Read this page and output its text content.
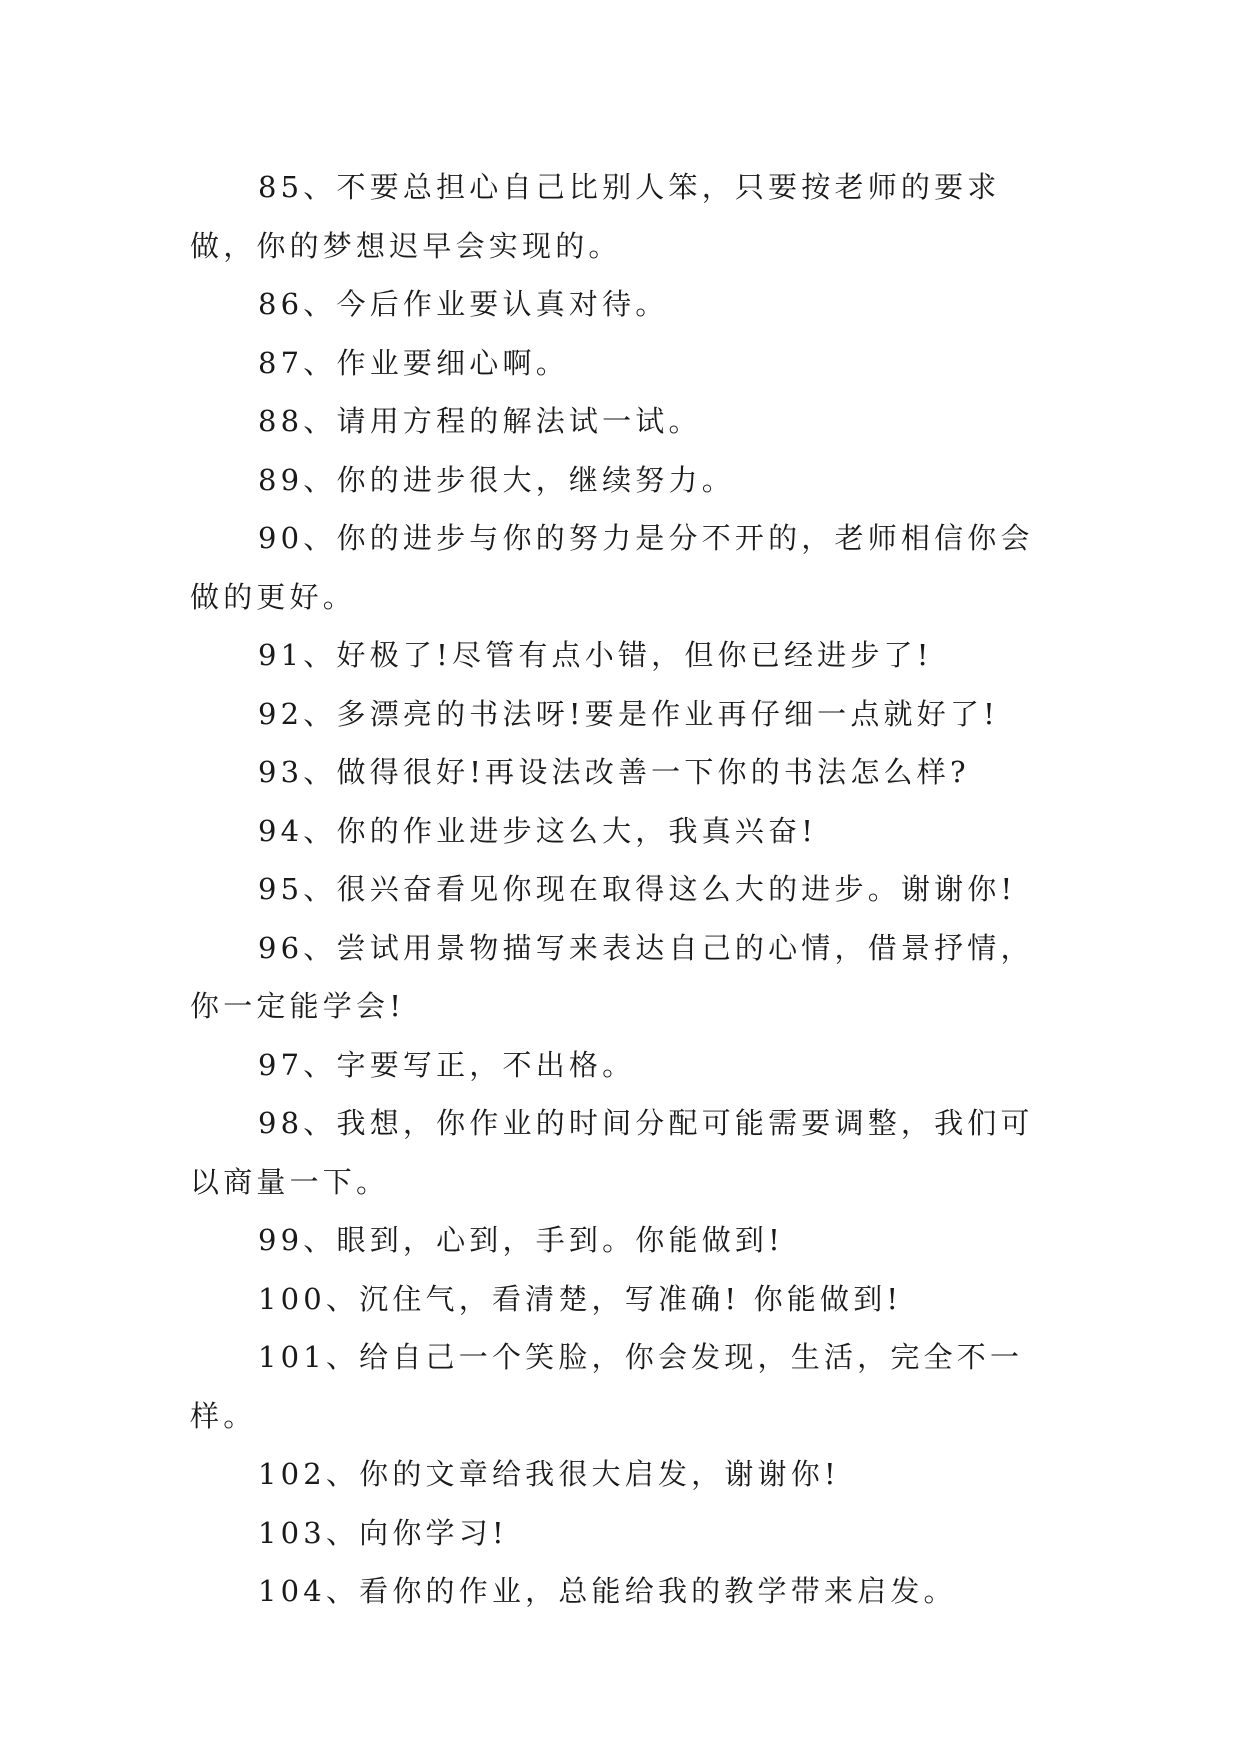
85、不要总担心自己比别人笨，只要按老师的要求做，你的梦想迟早会实现的。

86、今后作业要认真对待。

87、作业要细心啊。

88、请用方程的解法试一试。

89、你的进步很大，继续努力。

90、你的进步与你的努力是分不开的，老师相信你会做的更好。

91、好极了!尽管有点小错，但你已经进步了!

92、多漂亮的书法呀!要是作业再仔细一点就好了!

93、做得很好!再设法改善一下你的书法怎么样?

94、你的作业进步这么大，我真兴奋!

95、很兴奋看见你现在取得这么大的进步。谢谢你!

96、尝试用景物描写来表达自己的心情，借景抒情，你一定能学会!

97、字要写正，不出格。

98、我想，你作业的时间分配可能需要调整，我们可以商量一下。

99、眼到，心到，手到。你能做到!

100、沉住气，看清楚，写准确! 你能做到!

101、给自己一个笑脸，你会发现，生活，完全不一样。

102、你的文章给我很大启发，谢谢你!

103、向你学习!

104、看你的作业，总能给我的教学带来启发。
